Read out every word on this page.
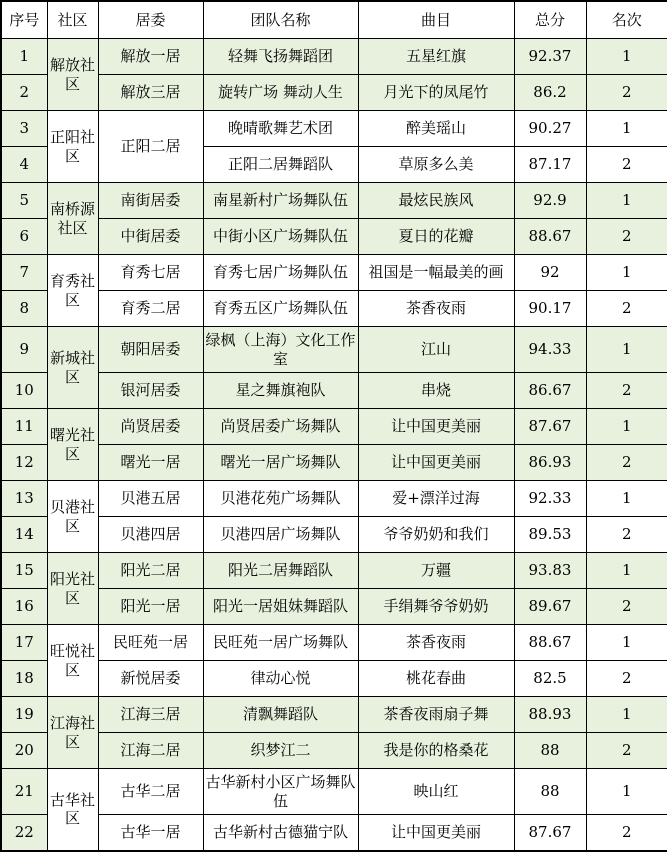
序号	社区	居委	团队名称	曲目	总分	名次
1	解放社区	解放一居	轻舞飞扬舞蹈团	五星红旗	92.37	1
2		解放三居	旋转广场 舞动人生	月光下的凤尾竹	86.2	2
3	正阳社区	正阳二居	晚晴歌舞艺术团	醉美瑶山	90.27	1
4			正阳二居舞蹈队	草原多么美	87.17	2
5	南桥源社区	南街居委	南星新村广场舞队伍	最炫民族风	92.9	1
6		中街居委	中街小区广场舞队伍	夏日的花瓣	88.67	2
7	育秀社区	育秀七居	育秀七居广场舞队伍	祖国是一幅最美的画	92	1
8		育秀二居	育秀五区广场舞队伍	茶香夜雨	90.17	2
9	新城社区	朝阳居委	绿枫（上海）文化工作室	江山	94.33	1
10		银河居委	星之舞旗袍队	串烧	86.67	2
11	曙光社区	尚贤居委	尚贤居委广场舞队	让中国更美丽	87.67	1
12		曙光一居	曙光一居广场舞队	让中国更美丽	86.93	2
13	贝港社区	贝港五居	贝港花苑广场舞队	爱+漂洋过海	92.33	1
14		贝港四居	贝港四居广场舞队	爷爷奶奶和我们	89.53	2
15	阳光社区	阳光二居	阳光二居舞蹈队	万疆	93.83	1
16		阳光一居	阳光一居姐妹舞蹈队	手绢舞爷爷奶奶	89.67	2
17	旺悦社区	民旺苑一居	民旺苑一居广场舞队	茶香夜雨	88.67	1
18		新悦居委	律动心悦	桃花春曲	82.5	2
19	江海社区	江海三居	清飘舞蹈队	茶香夜雨扇子舞	88.93	1
20		江海二居	织梦江二	我是你的格桑花	88	2
21	古华社区	古华二居	古华新村小区广场舞队伍	映山红	88	1
22		古华一居	古华新村古德猫宁队	让中国更美丽	87.67	2
